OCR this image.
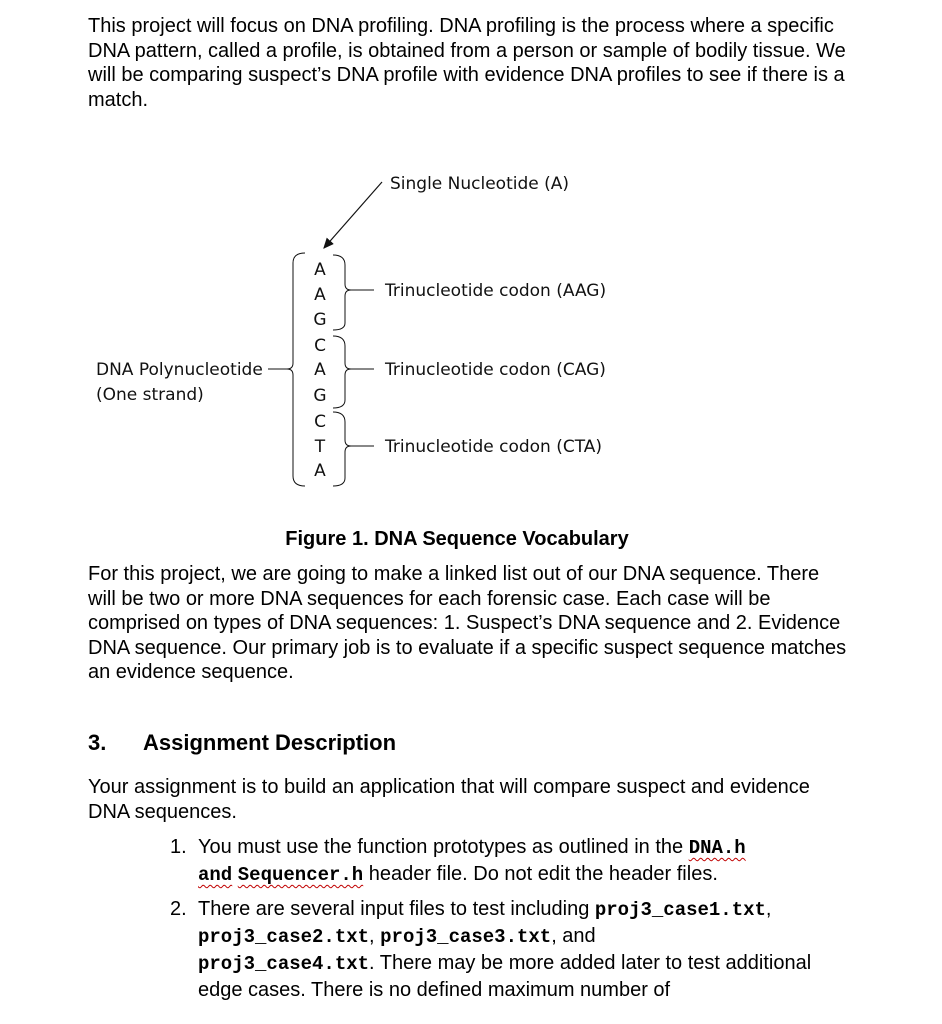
This project will focus on DNA profiling. DNA profiling is the process where a specific DNA pattern, called a profile, is obtained from a person or sample of bodily tissue. We will be comparing suspect’s DNA profile with evidence DNA profiles to see if there is a match.
Single Nucleotide (A)
DNA Polynucleotide
(One strand)
A
A
G
C
A
G
C
T
A
Trinucleotide codon (AAG)
Trinucleotide codon (CAG)
Trinucleotide codon (CTA)
Figure 1. DNA Sequence Vocabulary
For this project, we are going to make a linked list out of our DNA sequence. There will be two or more DNA sequences for each forensic case. Each case will be comprised on types of DNA sequences: 1. Suspect’s DNA sequence and 2. Evidence DNA sequence. Our primary job is to evaluate if a specific suspect sequence matches an evidence sequence.
3. Assignment Description
Your assignment is to build an application that will compare suspect and evidence DNA sequences.
1. You must use the function prototypes as outlined in the DNA.h
and Sequencer.h header file. Do not edit the header files.
2. There are several input files to test including proj3_case1.txt,
proj3_case2.txt, proj3_case3.txt, and
proj3_case4.txt. There may be more added later to test additional edge cases. There is no defined maximum number of
